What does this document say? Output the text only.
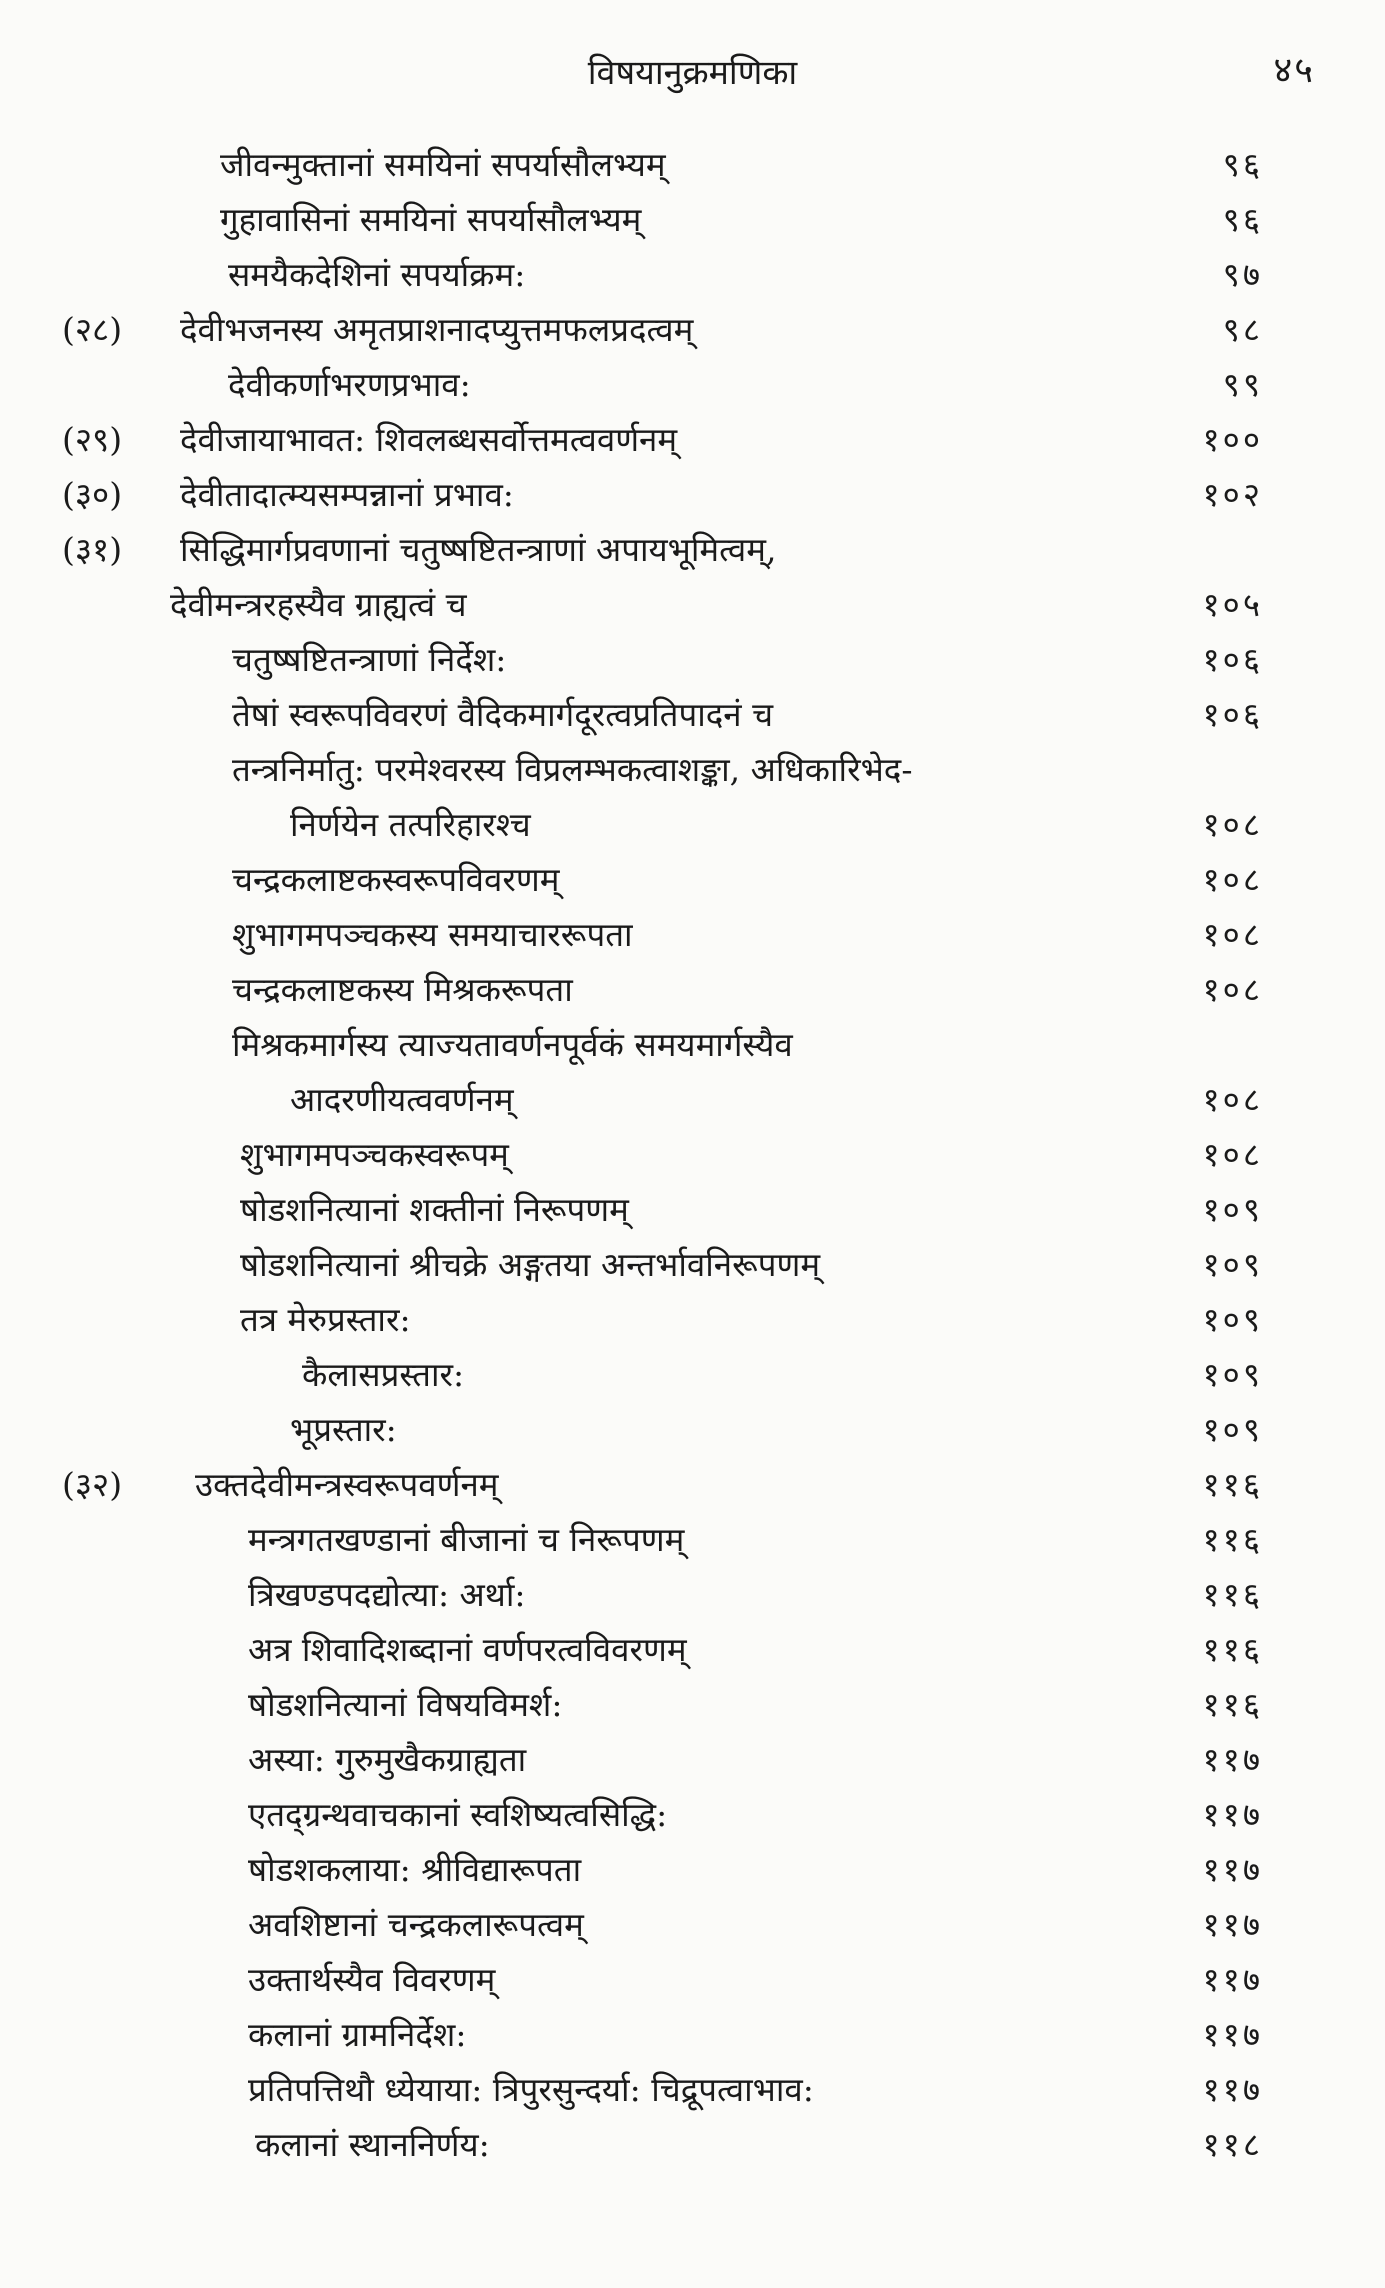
विषयानुक्रमणिका	४५
जीवन्मुक्तानां समयिनां सपर्यासौलभ्यम्	९६
गुहावासिनां समयिनां सपर्यासौलभ्यम्	९६
समयैकदेशिनां सपर्याक्रम:	९७
(२८) देवीभजनस्य अमृतप्राशनादप्युत्तमफलप्रदत्वम्	९८
देवीकर्णाभरणप्रभाव:	९९
(२९) देवीजायाभावत: शिवलब्धसर्वोत्तमत्ववर्णनम्	१००
(३०) देवीतादात्म्यसम्पन्नानां प्रभाव:	१०२
(३१) सिद्धिमार्गप्रवणानां चतुष्षष्टितन्त्राणां अपायभूमित्वम्,
देवीमन्त्ररहस्यैव ग्राह्यत्वं च	१०५
चतुष्षष्टितन्त्राणां निर्देश:	१०६
तेषां स्वरूपविवरणं वैदिकमार्गदूरत्वप्रतिपादनं च	१०६
तन्त्रनिर्मातु: परमेश्वरस्य विप्रलम्भकत्वाशङ्का, अधिकारिभेद-
निर्णयेन तत्परिहारश्च	१०८
चन्द्रकलाष्टकस्वरूपविवरणम्	१०८
शुभागमपञ्चकस्य समयाचाररूपता	१०८
चन्द्रकलाष्टकस्य मिश्रकरूपता	१०८
मिश्रकमार्गस्य त्याज्यतावर्णनपूर्वकं समयमार्गस्यैव
आदरणीयत्ववर्णनम्	१०८
शुभागमपञ्चकस्वरूपम्	१०८
षोडशनित्यानां शक्तीनां निरूपणम्	१०९
षोडशनित्यानां श्रीचक्रे अङ्गतया अन्तर्भावनिरूपणम्	१०९
तत्र मेरुप्रस्तार:	१०९
कैलासप्रस्तार:	१०९
भूप्रस्तार:	१०९
(३२) उक्तदेवीमन्त्रस्वरूपवर्णनम्	११६
मन्त्रगतखण्डानां बीजानां च निरूपणम्	११६
त्रिखण्डपदद्योत्या: अर्था:	११६
अत्र शिवादिशब्दानां वर्णपरत्वविवरणम्	११६
षोडशनित्यानां विषयविमर्श:	११६
अस्या: गुरुमुखैकग्राह्यता	११७
एतद्ग्रन्थवाचकानां स्वशिष्यत्वसिद्धि:	११७
षोडशकलाया: श्रीविद्यारूपता	११७
अवशिष्टानां चन्द्रकलारूपत्वम्	११७
उक्तार्थस्यैव विवरणम्	११७
कलानां ग्रामनिर्देश:	११७
प्रतिपत्तिथौ ध्येयाया: त्रिपुरसुन्दर्या: चिद्रूपत्वाभाव:	११७
कलानां स्थाननिर्णय:	११८
